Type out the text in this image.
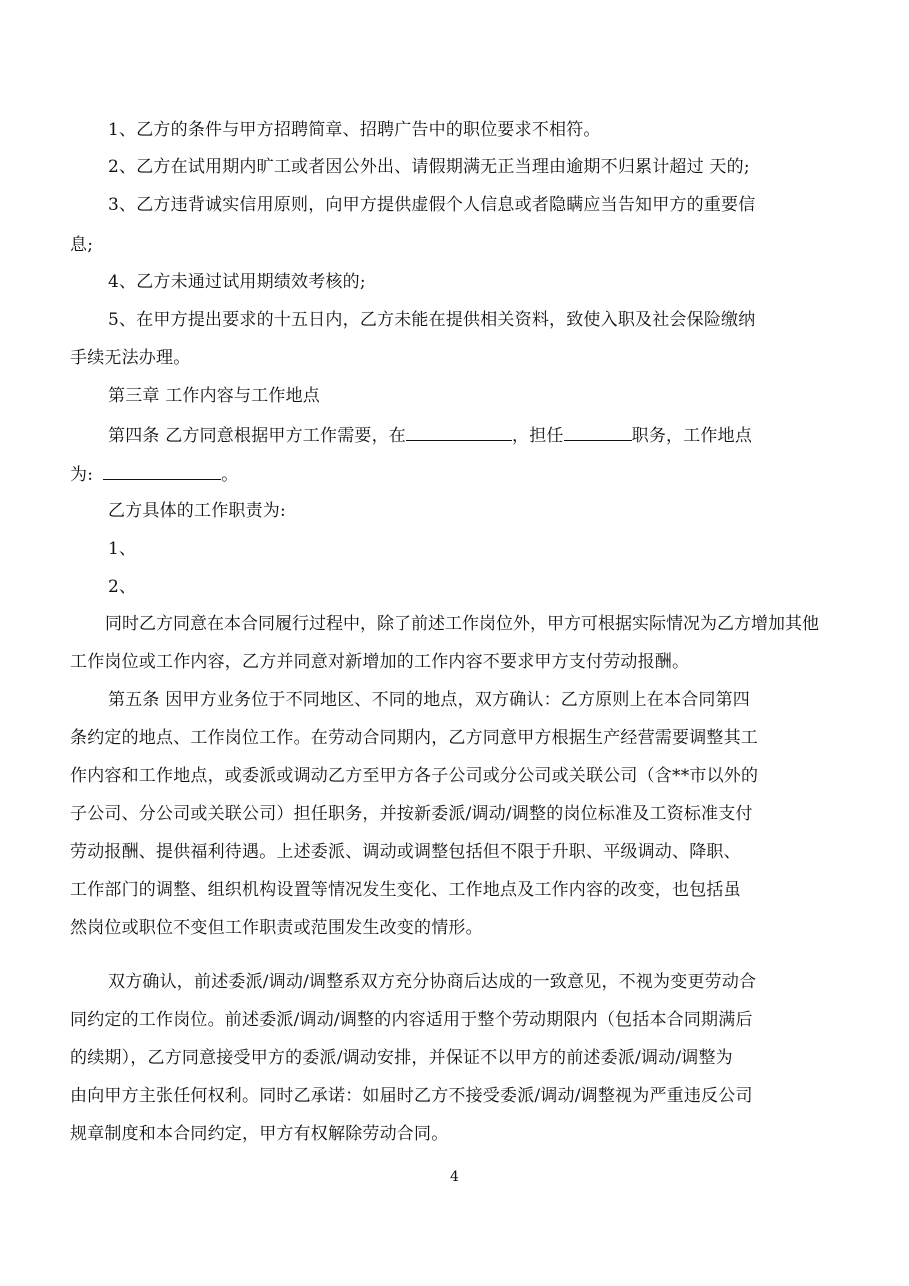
1、乙方的条件与甲方招聘简章、招聘广告中的职位要求不相符。
2、乙方在试用期内旷工或者因公外出、请假期满无正当理由逾期不归累计超过 天的;
3、乙方违背诚实信用原则，向甲方提供虚假个人信息或者隐瞒应当告知甲方的重要信
息;
4、乙方未通过试用期绩效考核的;
5、在甲方提出要求的十五日内，乙方未能在提供相关资料，致使入职及社会保险缴纳
手续无法办理。
第三章 工作内容与工作地点
第四条 乙方同意根据甲方工作需要，在	，担任	职务，工作地点
为:	。
乙方具体的工作职责为:
1、
2、
同时乙方同意在本合同履行过程中，除了前述工作岗位外，甲方可根据实际情况为乙方增加其他
工作岗位或工作内容，乙方并同意对新增加的工作内容不要求甲方支付劳动报酬。
第五条 因甲方业务位于不同地区、不同的地点，双方确认：乙方原则上在本合同第四
条约定的地点、工作岗位工作。在劳动合同期内，乙方同意甲方根据生产经营需要调整其工
作内容和工作地点，或委派或调动乙方至甲方各子公司或分公司或关联公司（含**市以外的
子公司、分公司或关联公司）担任职务，并按新委派/调动/调整的岗位标准及工资标准支付
劳动报酬、提供福利待遇。上述委派、调动或调整包括但不限于升职、平级调动、降职、
工作部门的调整、组织机构设置等情况发生变化、工作地点及工作内容的改变，也包括虽
然岗位或职位不变但工作职责或范围发生改变的情形。
双方确认，前述委派/调动/调整系双方充分协商后达成的一致意见，不视为变更劳动合
同约定的工作岗位。前述委派/调动/调整的内容适用于整个劳动期限内（包括本合同期满后
的续期），乙方同意接受甲方的委派/调动安排，并保证不以甲方的前述委派/调动/调整为
由向甲方主张任何权利。同时乙承诺：如届时乙方不接受委派/调动/调整视为严重违反公司
规章制度和本合同约定，甲方有权解除劳动合同。
4
